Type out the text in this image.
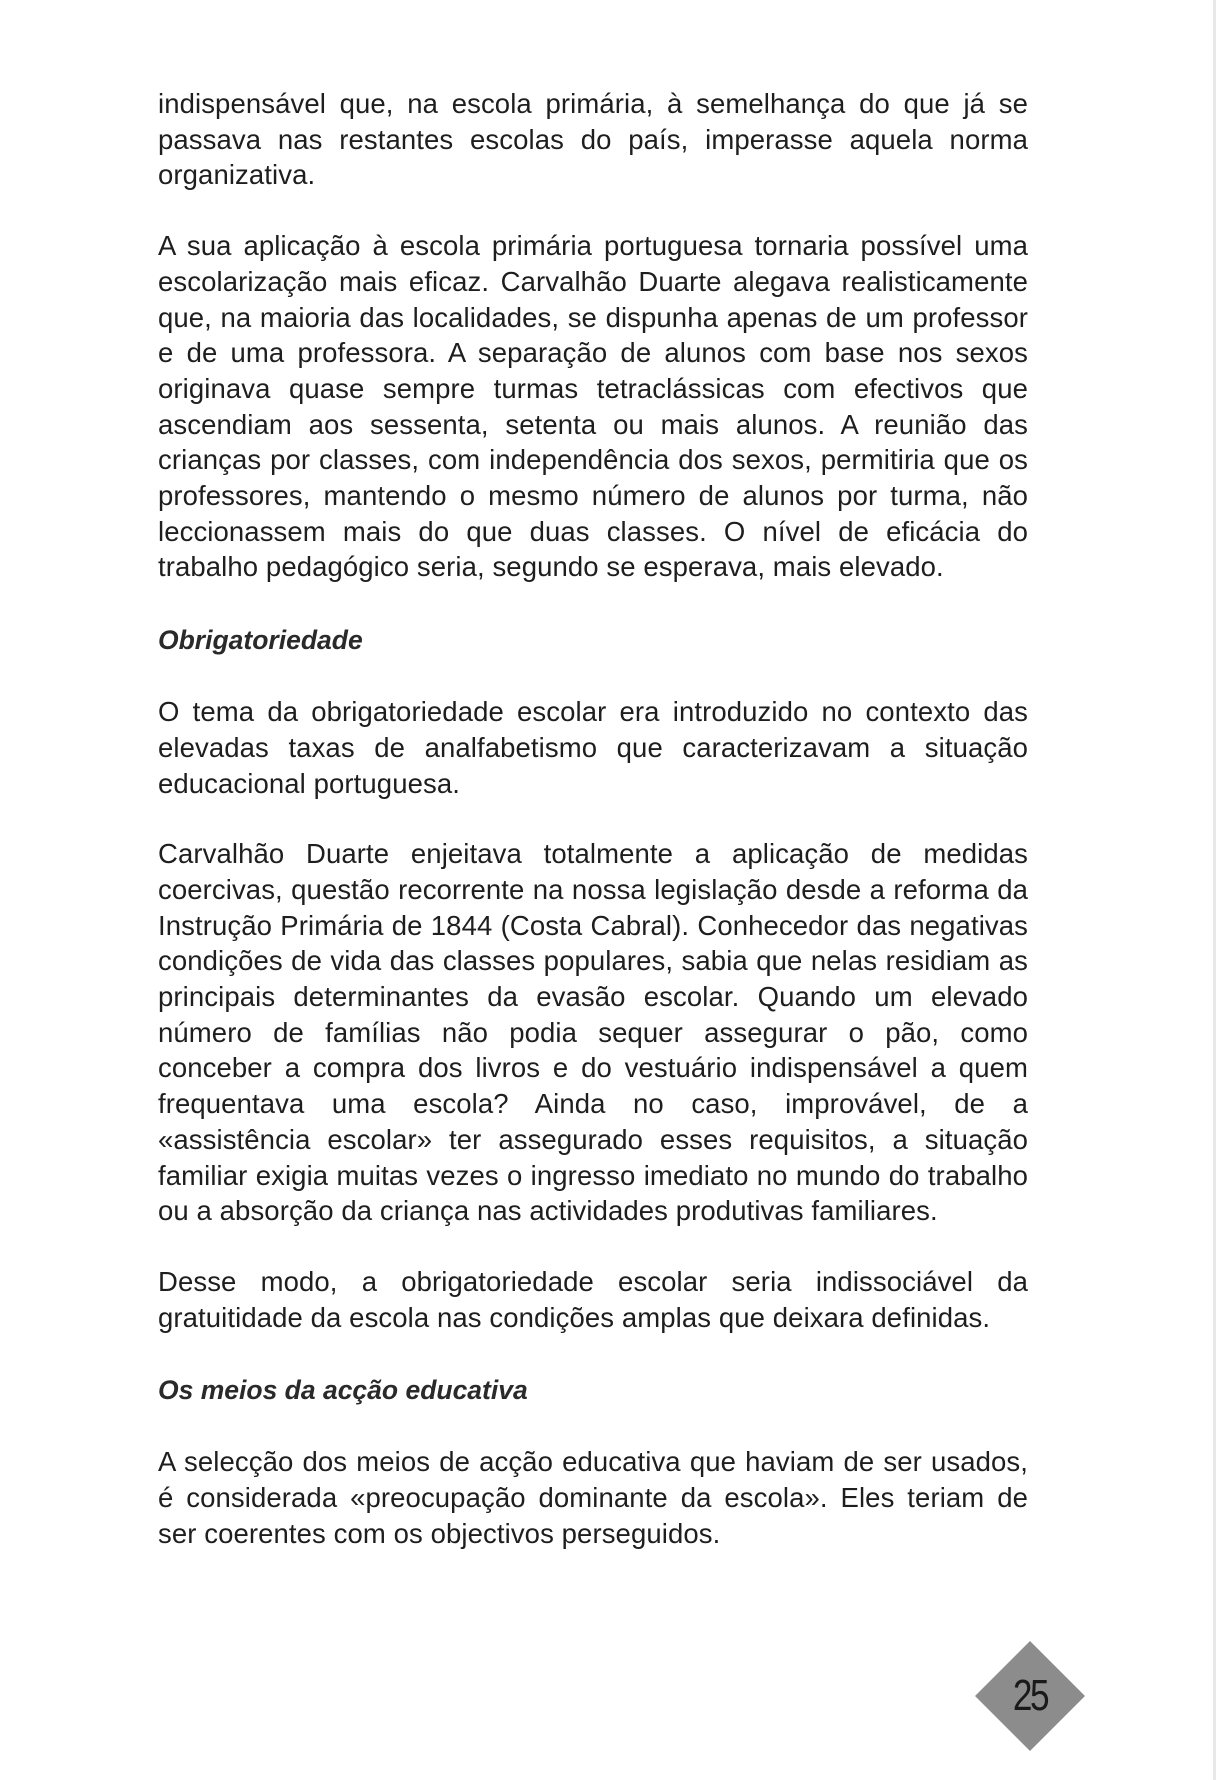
indispensável que, na escola primária, à semelhança do que já se passava nas restantes escolas do país, imperasse aquela norma organizativa.

A sua aplicação à escola primária portuguesa tornaria possível uma escolarização mais eficaz. Carvalhão Duarte alegava realisticamente que, na maioria das localidades, se dispunha apenas de um professor e de uma professora. A separação de alunos com base nos sexos originava quase sempre turmas tetraclássicas com efectivos que ascendiam aos sessenta, setenta ou mais alunos. A reunião das crianças por classes, com independência dos sexos, permitiria que os professores, mantendo o mesmo número de alunos por turma, não leccionassem mais do que duas classes. O nível de eficácia do trabalho pedagógico seria, segundo se esperava, mais elevado.

Obrigatoriedade

O tema da obrigatoriedade escolar era introduzido no contexto das elevadas taxas de analfabetismo que caracterizavam a situação educacional portuguesa.

Carvalhão Duarte enjeitava totalmente a aplicação de medidas coercivas, questão recorrente na nossa legislação desde a reforma da Instrução Primária de 1844 (Costa Cabral). Conhecedor das negativas condições de vida das classes populares, sabia que nelas residiam as principais determinantes da evasão escolar. Quando um elevado número de famílias não podia sequer assegurar o pão, como conceber a compra dos livros e do vestuário indispensável a quem frequentava uma escola? Ainda no caso, improvável, de a «assistência escolar» ter assegurado esses requisitos, a situação familiar exigia muitas vezes o ingresso imediato no mundo do trabalho ou a absorção da criança nas actividades produtivas familiares.

Desse modo, a obrigatoriedade escolar seria indissociável da gratuitidade da escola nas condições amplas que deixara definidas.

Os meios da acção educativa

A selecção dos meios de acção educativa que haviam de ser usados, é considerada «preocupação dominante da escola». Eles teriam de ser coerentes com os objectivos perseguidos.

25
